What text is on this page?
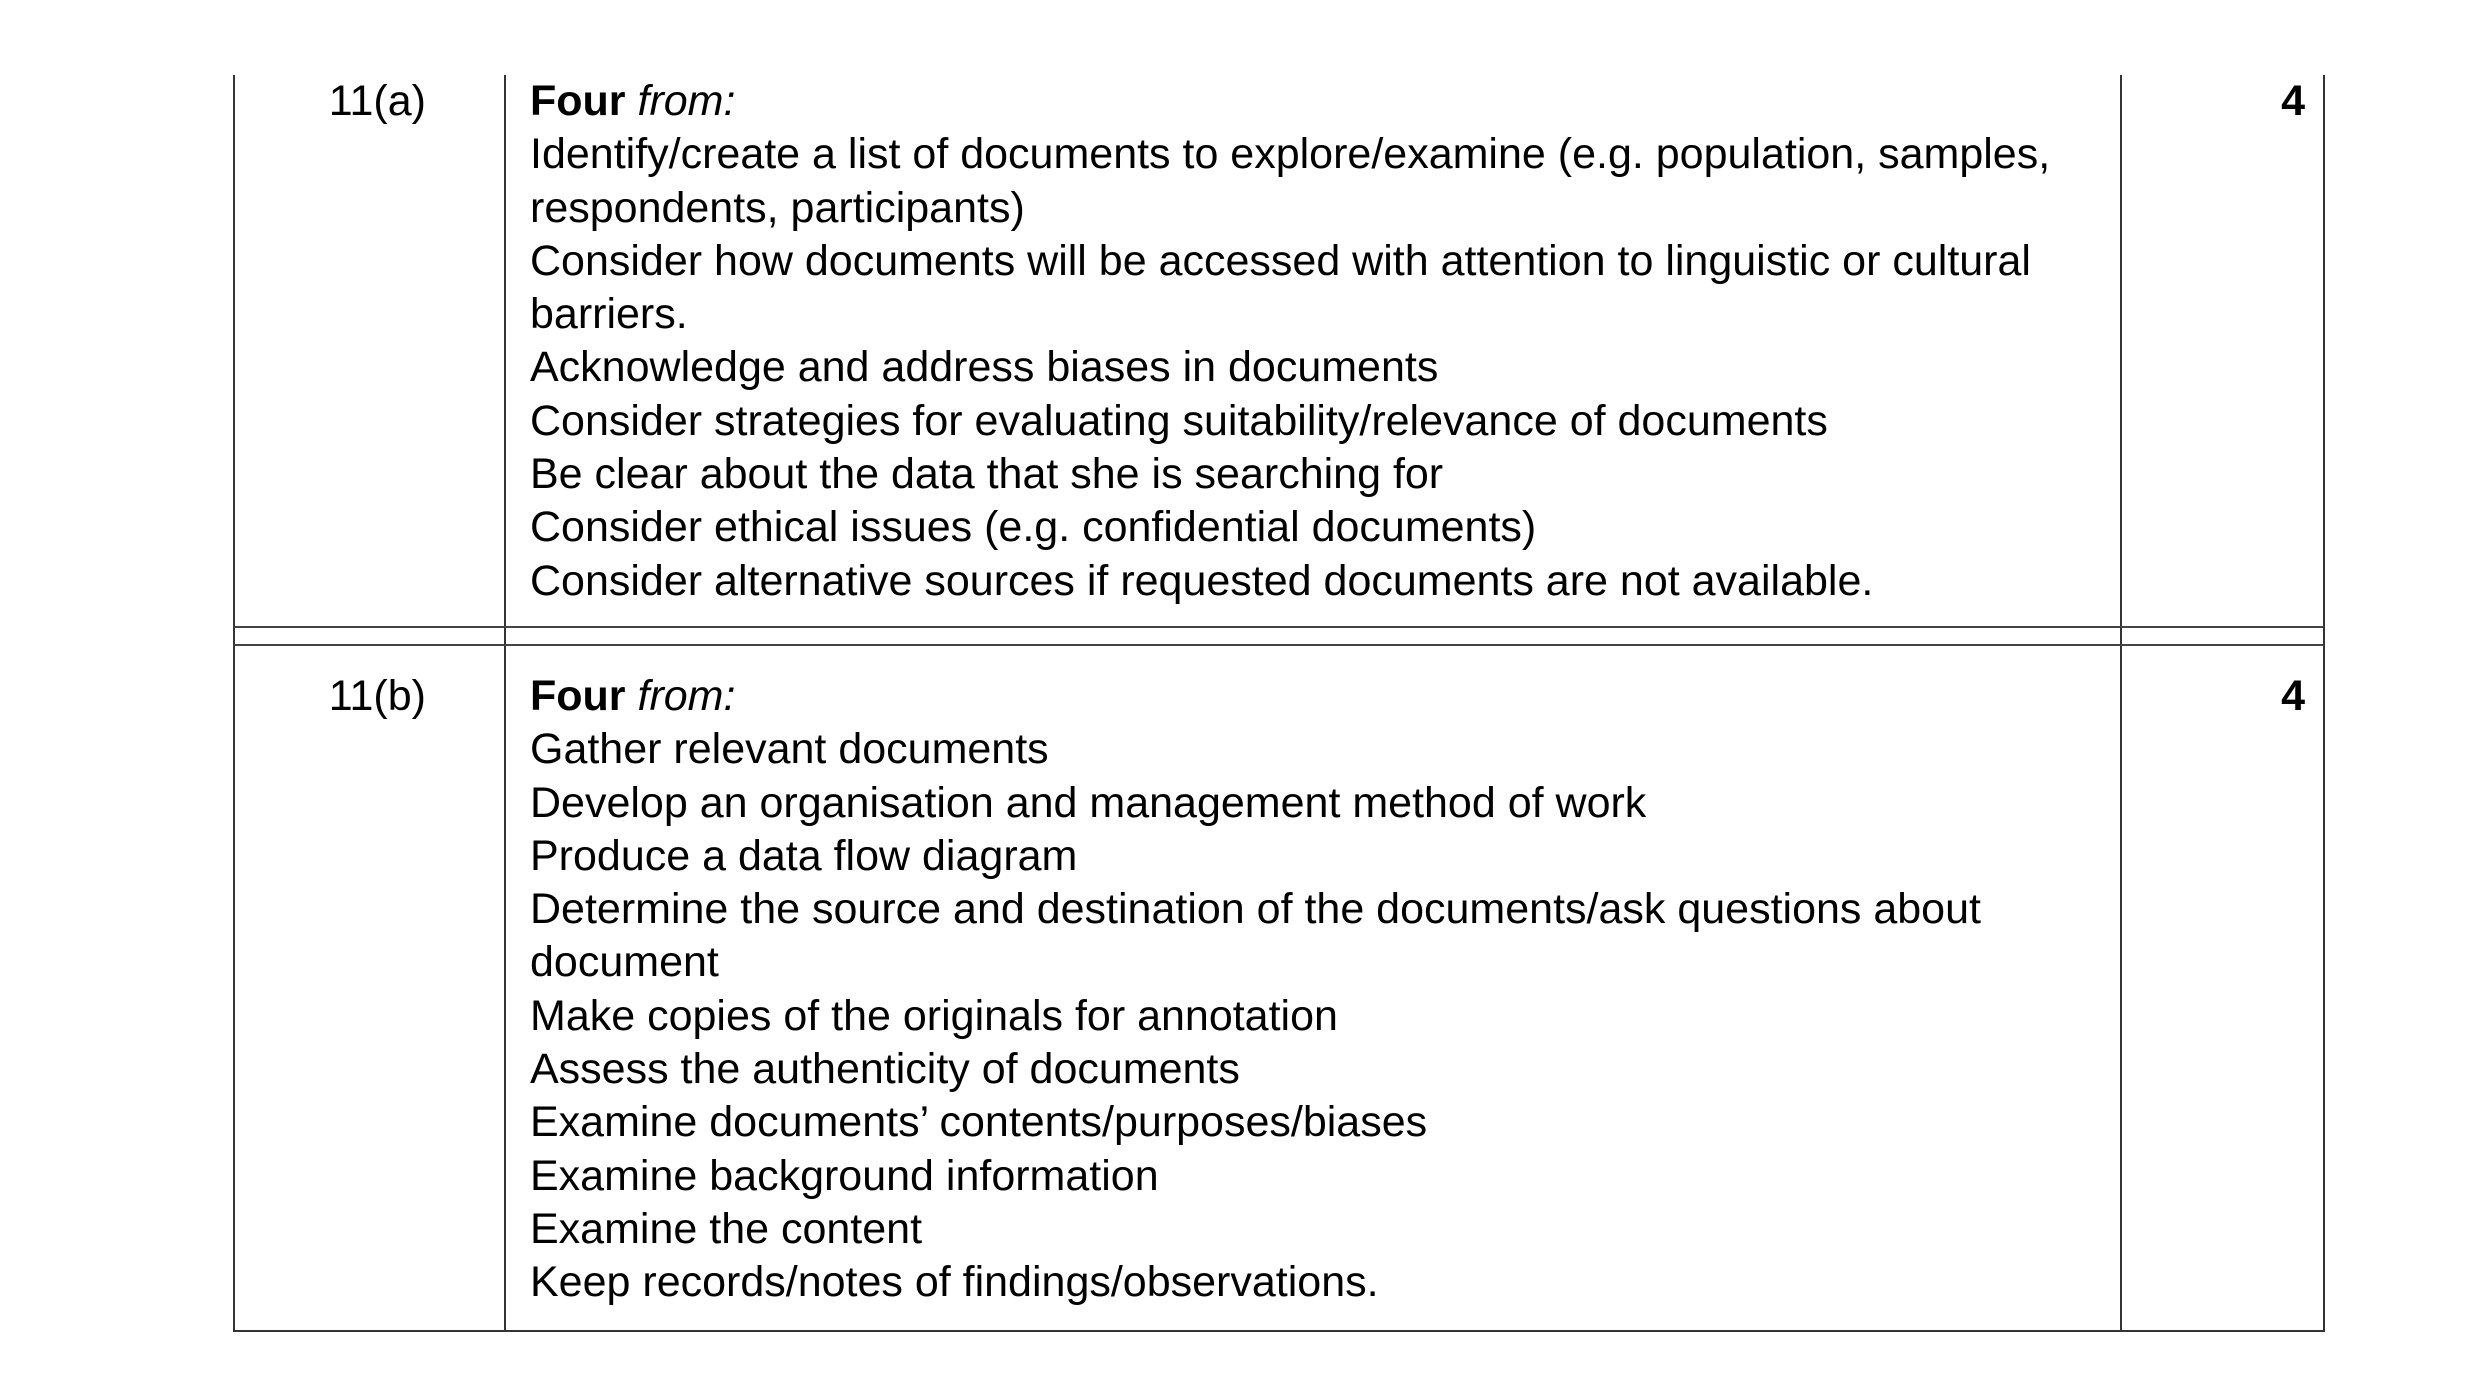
11(a)	Four from:
Identify/create a list of documents to explore/examine (e.g. population, samples, respondents, participants)
Consider how documents will be accessed with attention to linguistic or cultural barriers.
Acknowledge and address biases in documents
Consider strategies for evaluating suitability/relevance of documents
Be clear about the data that she is searching for
Consider ethical issues (e.g. confidential documents)
Consider alternative sources if requested documents are not available.
4
11(b)	Four from:
Gather relevant documents
Develop an organisation and management method of work
Produce a data flow diagram
Determine the source and destination of the documents/ask questions about document
Make copies of the originals for annotation
Assess the authenticity of documents
Examine documents’ contents/purposes/biases
Examine background information
Examine the content
Keep records/notes of findings/observations.
4
